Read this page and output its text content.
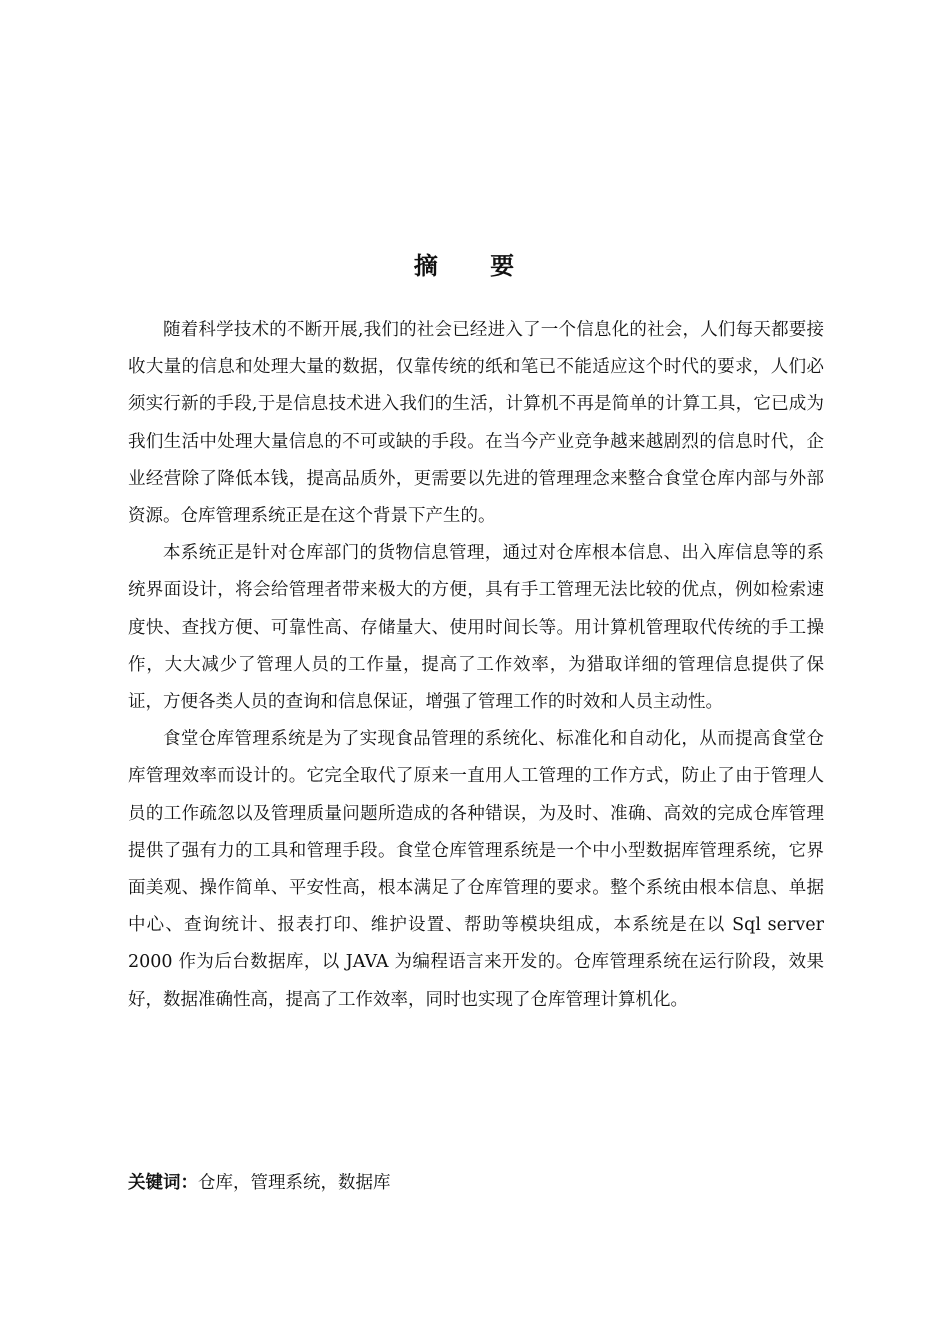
摘 要

随着科学技术的不断开展,我们的社会已经进入了一个信息化的社会，人们每天都要接收大量的信息和处理大量的数据，仅靠传统的纸和笔已不能适应这个时代的要求，人们必须实行新的手段,于是信息技术进入我们的生活，计算机不再是简单的计算工具，它已成为我们生活中处理大量信息的不可或缺的手段。在当今产业竞争越来越剧烈的信息时代，企业经营除了降低本钱，提高品质外，更需要以先进的管理理念来整合食堂仓库内部与外部资源。仓库管理系统正是在这个背景下产生的。

本系统正是针对仓库部门的货物信息管理，通过对仓库根本信息、出入库信息等的系统界面设计，将会给管理者带来极大的方便，具有手工管理无法比较的优点，例如检索速度快、查找方便、可靠性高、存储量大、使用时间长等。用计算机管理取代传统的手工操作，大大减少了管理人员的工作量，提高了工作效率，为猎取详细的管理信息提供了保证，方便各类人员的查询和信息保证，增强了管理工作的时效和人员主动性。

食堂仓库管理系统是为了实现食品管理的系统化、标准化和自动化，从而提高食堂仓库管理效率而设计的。它完全取代了原来一直用人工管理的工作方式，防止了由于管理人员的工作疏忽以及管理质量问题所造成的各种错误，为及时、准确、高效的完成仓库管理提供了强有力的工具和管理手段。食堂仓库管理系统是一个中小型数据库管理系统，它界面美观、操作简单、平安性高，根本满足了仓库管理的要求。整个系统由根本信息、单据中心、查询统计、报表打印、维护设置、帮助等模块组成，本系统是在以 Sql server 2000 作为后台数据库，以 JAVA 为编程语言来开发的。仓库管理系统在运行阶段，效果好，数据准确性高，提高了工作效率，同时也实现了仓库管理计算机化。

关键词：仓库，管理系统，数据库
